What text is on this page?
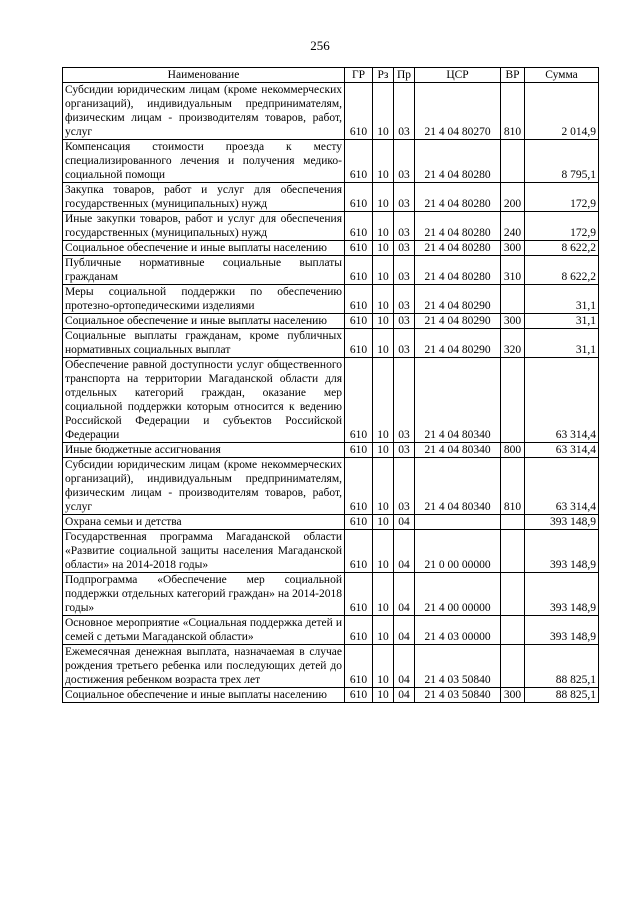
256
Наименование	ГР	Рз	Пр	ЦСР	ВР	Сумма
Субсидии юридическим лицам (кроме некоммерческих организаций), индивидуальным предпринимателям, физическим лицам - производителям товаров, работ, услуг	610	10	03	21 4 04 80270	810	2 014,9
Компенсация стоимости проезда к месту специализированного лечения и получения медико-социальной помощи	610	10	03	21 4 04 80280		8 795,1
Закупка товаров, работ и услуг для обеспечения государственных (муниципальных) нужд	610	10	03	21 4 04 80280	200	172,9
Иные закупки товаров, работ и услуг для обеспечения государственных (муниципальных) нужд	610	10	03	21 4 04 80280	240	172,9
Социальное обеспечение и иные выплаты населению	610	10	03	21 4 04 80280	300	8 622,2
Публичные нормативные социальные выплаты гражданам	610	10	03	21 4 04 80280	310	8 622,2
Меры социальной поддержки по обеспечению протезно-ортопедическими изделиями	610	10	03	21 4 04 80290		31,1
Социальное обеспечение и иные выплаты населению	610	10	03	21 4 04 80290	300	31,1
Социальные выплаты гражданам, кроме публичных нормативных социальных выплат	610	10	03	21 4 04 80290	320	31,1
Обеспечение равной доступности услуг общественного транспорта на территории Магаданской области для отдельных категорий граждан, оказание мер социальной поддержки которым относится к ведению Российской Федерации и субъектов Российской Федерации	610	10	03	21 4 04 80340		63 314,4
Иные бюджетные ассигнования	610	10	03	21 4 04 80340	800	63 314,4
Субсидии юридическим лицам (кроме некоммерческих организаций), индивидуальным предпринимателям, физическим лицам - производителям товаров, работ, услуг	610	10	03	21 4 04 80340	810	63 314,4
Охрана семьи и детства	610	10	04			393 148,9
Государственная программа Магаданской области «Развитие социальной защиты населения Магаданской области» на 2014-2018 годы»	610	10	04	21 0 00 00000		393 148,9
Подпрограмма «Обеспечение мер социальной поддержки отдельных категорий граждан» на 2014-2018 годы»	610	10	04	21 4 00 00000		393 148,9
Основное мероприятие «Социальная поддержка детей и семей с детьми Магаданской области»	610	10	04	21 4 03 00000		393 148,9
Ежемесячная денежная выплата, назначаемая в случае рождения третьего ребенка или последующих детей до достижения ребенком возраста трех лет	610	10	04	21 4 03 50840		88 825,1
Социальное обеспечение и иные выплаты населению	610	10	04	21 4 03 50840	300	88 825,1
